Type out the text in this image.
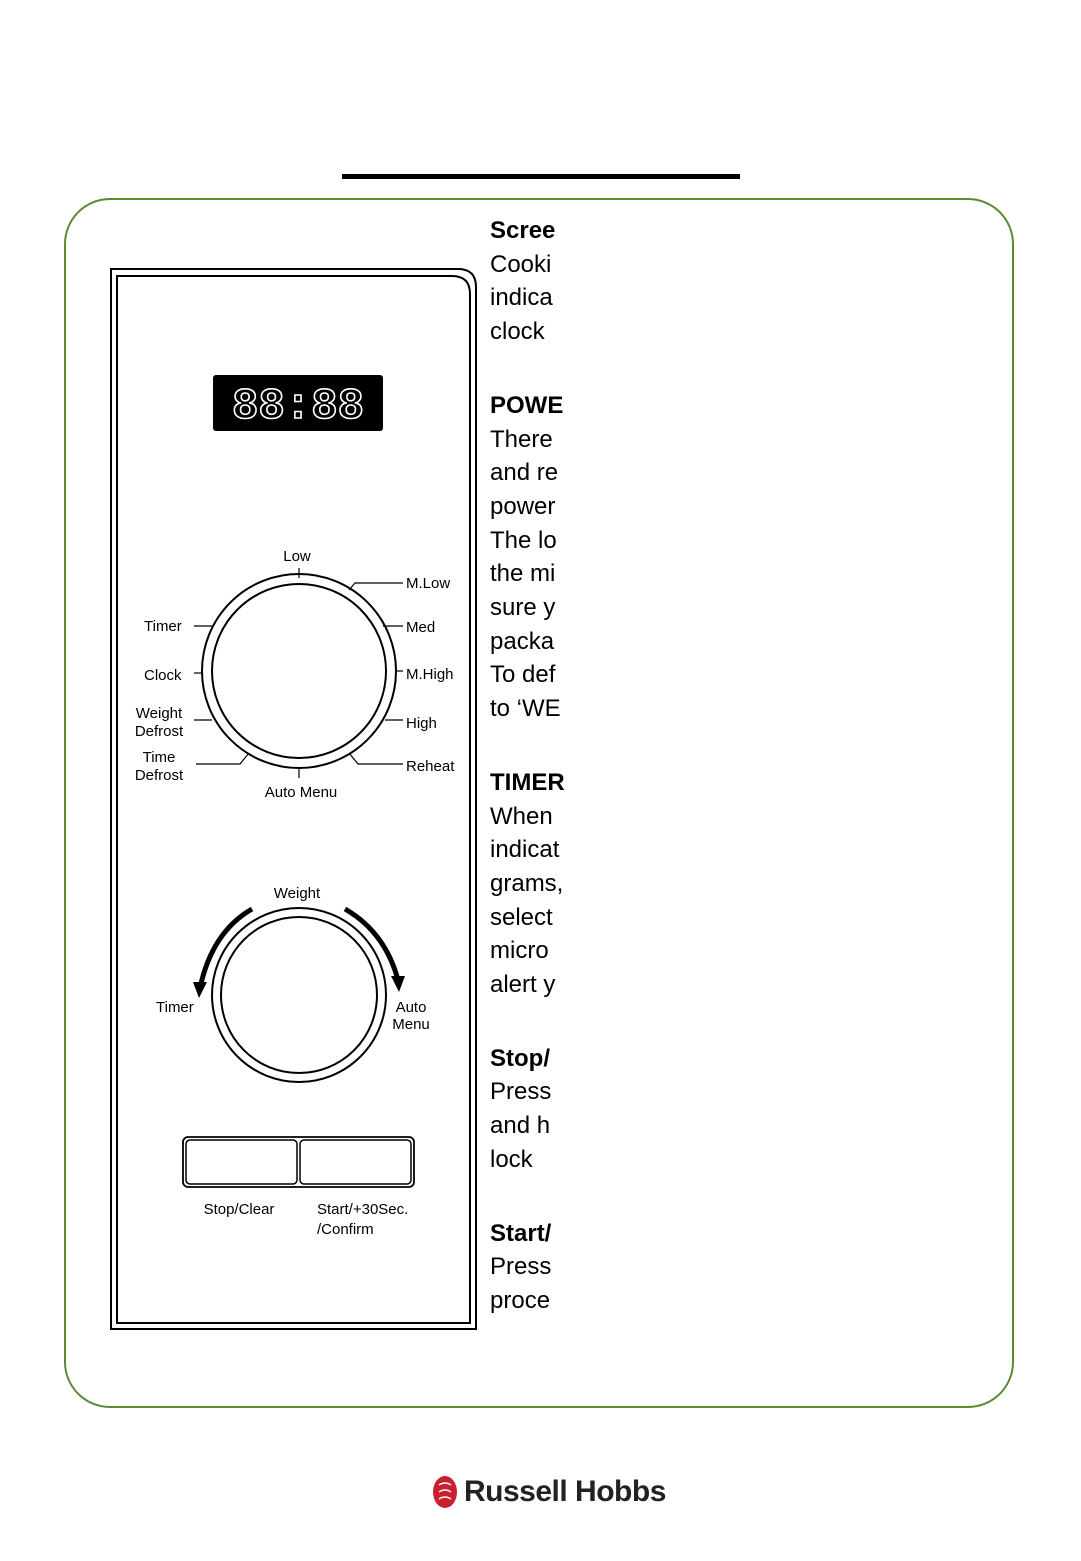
88:88
Low
M.Low
Med
M.High
High
Reheat
Auto Menu
Timer
Clock
Weight
Defrost
Time
Defrost
Weight
Timer	Auto
Menu
Stop/Clear	Start/+30Sec.
/Confirm
Scree
Cooki
indica
clock
POWE
There
and re
power
The lo
the mi
sure y
packa
To def
to ‘WE
TIMER
When
indicat
grams,
select
micro
alert y
Stop/
Press
and h
lock
Start/
Press
proce
Russell Hobbs
